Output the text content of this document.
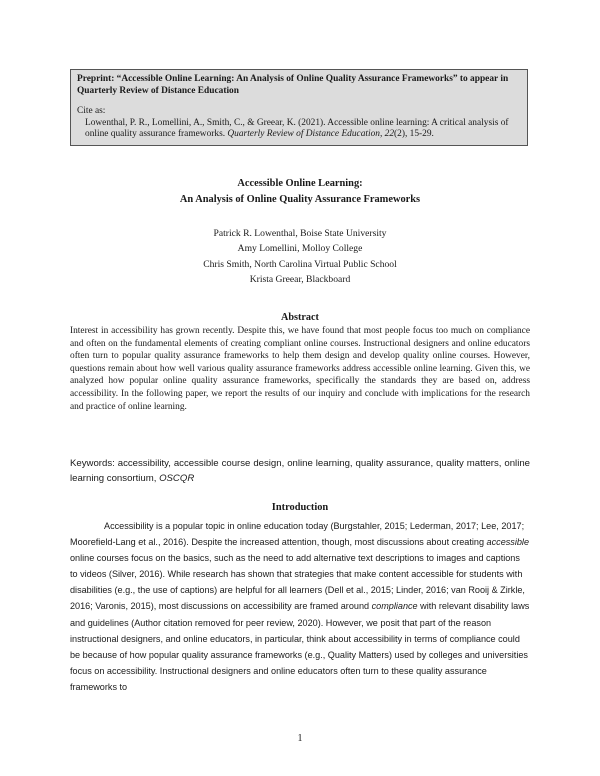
Preprint: “Accessible Online Learning: An Analysis of Online Quality Assurance Frameworks” to appear in Quarterly Review of Distance Education
Cite as:
Lowenthal, P. R., Lomellini, A., Smith, C., & Greear, K. (2021). Accessible online learning: A critical analysis of online quality assurance frameworks. Quarterly Review of Distance Education, 22(2), 15-29.
Accessible Online Learning:
An Analysis of Online Quality Assurance Frameworks
Patrick R. Lowenthal, Boise State University
Amy Lomellini, Molloy College
Chris Smith, North Carolina Virtual Public School
Krista Greear, Blackboard
Abstract
Interest in accessibility has grown recently. Despite this, we have found that most people focus too much on compliance and often on the fundamental elements of creating compliant online courses. Instructional designers and online educators often turn to popular quality assurance frameworks to help them design and develop quality online courses. However, questions remain about how well various quality assurance frameworks address accessible online learning. Given this, we analyzed how popular online quality assurance frameworks, specifically the standards they are based on, address accessibility. In the following paper, we report the results of our inquiry and conclude with implications for the research and practice of online learning.
Keywords: accessibility, accessible course design, online learning, quality assurance, quality matters, online learning consortium, OSCQR
Introduction
Accessibility is a popular topic in online education today (Burgstahler, 2015; Lederman, 2017; Lee, 2017; Moorefield-Lang et al., 2016). Despite the increased attention, though, most discussions about creating accessible online courses focus on the basics, such as the need to add alternative text descriptions to images and captions to videos (Silver, 2016). While research has shown that strategies that make content accessible for students with disabilities (e.g., the use of captions) are helpful for all learners (Dell et al., 2015; Linder, 2016; van Rooij & Zirkle, 2016; Varonis, 2015), most discussions on accessibility are framed around compliance with relevant disability laws and guidelines (Author citation removed for peer review, 2020). However, we posit that part of the reason instructional designers, and online educators, in particular, think about accessibility in terms of compliance could be because of how popular quality assurance frameworks (e.g., Quality Matters) used by colleges and universities focus on accessibility. Instructional designers and online educators often turn to these quality assurance frameworks to
1
